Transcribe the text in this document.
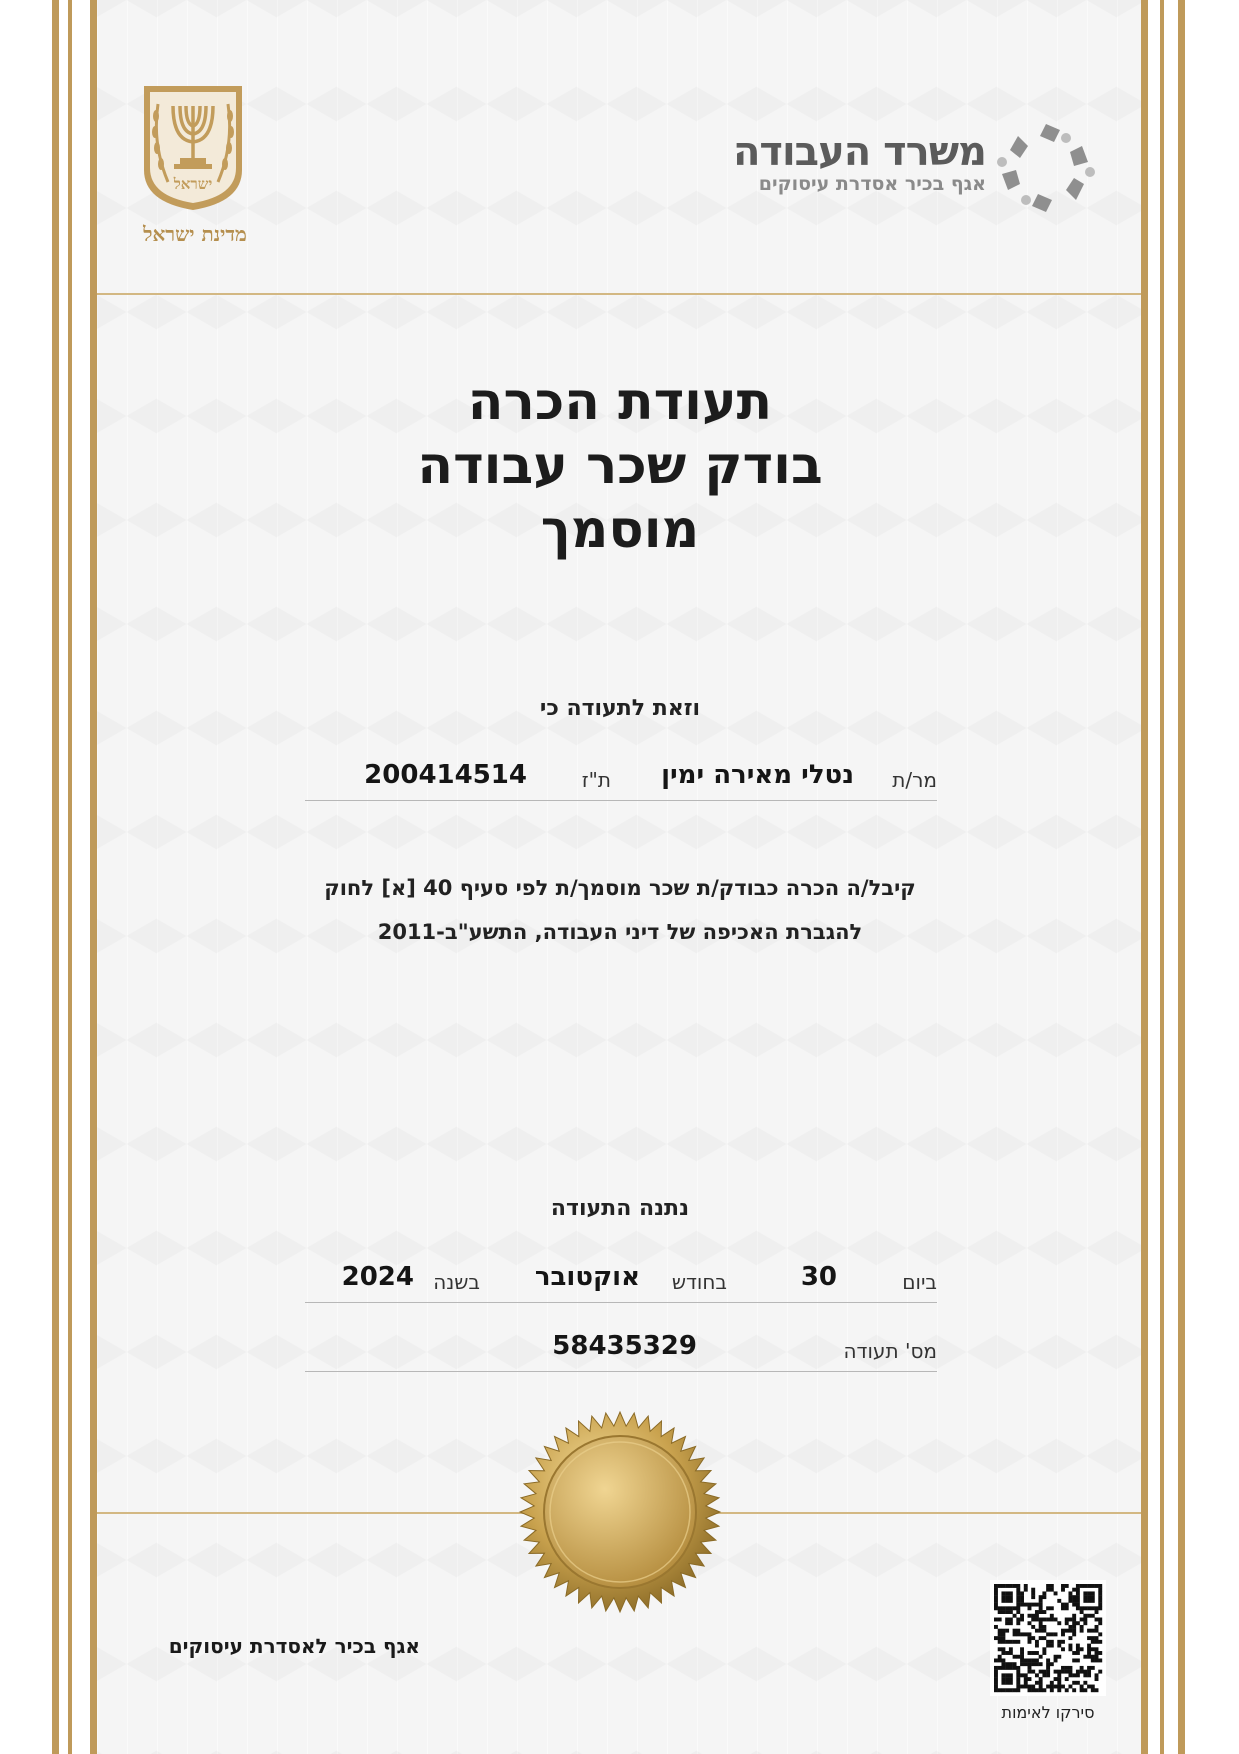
ישראל
מדינת ישראל
משרד העבודה
אגף בכיר אסדרת עיסוקים
תעודת הכרה
בודק שכר עבודה
מוסמך
וזאת לתעודה כי
מר/ת
נטלי מאירה ימין
ת"ז
200414514
קיבל/ה הכרה כבודק/ת שכר מוסמך/ת לפי סעיף 40 [א] לחוק
להגברת האכיפה של דיני העבודה, התשע"ב-2011
נתנה התעודה
ביום
30
בחודש
אוקטובר
בשנה
2024
מס' תעודה
58435329
אגף בכיר לאסדרת עיסוקים
סירקו לאימות
